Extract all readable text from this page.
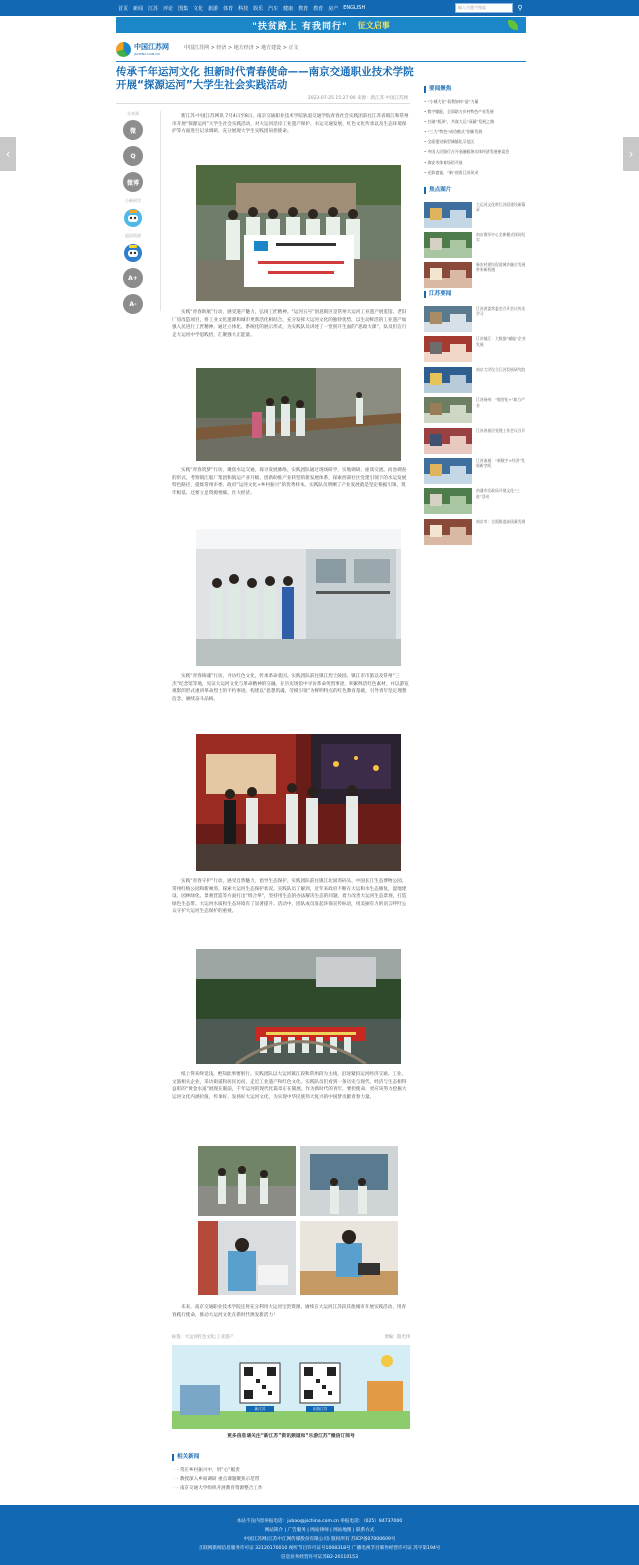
首页 新闻 江苏 评论 图集 文化 旅游 体育 科技 娱乐 汽车 健康 教育 教育 房产 ENGLISH	输入关键字搜索	⚲
"扶贫路上 有我同行" 征文启事
中国江苏网
JSCHINA.COM.CN
中国江苏网 > 经济 > 地方经济 > 地方建设 > 正文
‹	›
传承千年运河文化 担新时代青春使命——南京交通职业技术学院开展“探源运河”大学生社会实践活动
2023-07-25 15:27:00 来源：新江苏·中国江苏网
分享到
微
Q
微博
小新同学
返回顶部
A+
A-

新江苏·中国江苏网讯 7月4日至8日，南京交通职业技术学院轨道交通学院青春社会实践团前往江苏省镇江和常州市开展“探源运河”大学生社会实践活动，对大运河沿岸工业遗产保护、水运交通发展、红色文化传承以及生态环境保护等方面进行记录调研，充分展现大学生实践团肩担使命。

实践“青春助航”行动，感受遗产魅力，弘扬工匠精神。“运河五号”创意街区是常州大运河工业遗产展览馆、老旧厂房改造项目，将工业文化遗源和城市更新活化相结合，充分发挥大运河文化的独特优势，以生动鲜活的工业遗产加强人民进行工匠精神。通过立体化、系统化的展示形式，为实践队员讲述了一堂别开生面的“思政大课”，队员们在行走大运河中学思践悟，汇聚强大正能量。

实践“青春筑梦”行动，聚焦水运交通，探寻发展脉络。实践团队通过现场研学、实地调研、座谈交流、问卷调查的形式，考察镇江船厂集团和航运产业升级、创新助推产业转型的新发展体系，探索西部社区党建引领下的水运发展特色路径，提炼常州市委、政府“运河文化+乡村振兴”的优秀样本。实践队员明晰了产业发展就是坚定根据引领、筑牢根基、还要立足资源禀赋、壮大经济。

实践“青春铸魂”行动，寻访红色文化，传承革命基因。实践团队前往镇江烈士陵园、镇江市市旅以及常州“三杰”纪念馆等地，见证大运河文化与革命精神的交融。在历史场馆中寻访革命英烈事迹，积累鲜活红色素材，并以游览观影的形式重讲革命烈士的不朽事迹。构建以“思想筑魂，劳模引领”为鲜明特点的红色教育基础，引导青年坚定理想信念、赓续奋斗品格。

实践“青春守护”行动，感受自然魅力，倡导生态保护。实践团队前往镇江北固湾码头、中国长江生态博物公园、常州红梅公园和新闸湾。探索大运河生态保护状况。实践队员了解到，近年来政府不断在大运和水生态修复、湿地建设、园林绿化、景观营造等方面打出“组合拳”，坚持用生态的办法解决生态的问题，着力改善大运河生态景观，打造绿色生态带。大运河水质和生态环境有了显著提升。活动中，团队成员发起环保宣传标语，用美丽有力的语言呼吁公众守护大运河生态保护的重视。

纸上得来终觉浅，绝知此事要躬行。实践团队以大运河镇江段和常州段为主线，沿途紧扣运河经济交通、工业、文旅相关企业，采访街道和居民访问，走近工业遗产和红色文化。实践队员们看到一条历史与现代、经济与生态相得益彰的“黄金水道”展现在眼前，千年运河的现代化篇章正在铺展。作为新时代的青年，要担使命，更应该努力挖掘大运河文化内涵价值，传承好、发扬好大运河文化，为实现中华民族伟大复兴的中国梦贡献青春力量。

未来，南京交通职业技术学院还将充分利用大运河宝贵资源，赓续在大运河江苏段其他城市开展实践活动，用青春践行使命，推动大运河文化在新时代焕发新活力！

标签：大运河红色文化;工业遗产	责编：殷光伟
新江苏	乐游江苏
更多信息请关注“新江苏”资讯频道和“乐游江苏”微信订阅号
相关新闻
· · 常庄乡村振兴中，用“心”履责
· · 教授深入乡间调研 重点课题聚焦示范带
· · 南京交通大学组织开展教育资源整合工作
要闻聚焦
• “小城大业”看我如何“造”力量
• 数字赋能，全面助力乡村特色产业发展
• 打破“瓶颈”，共谋大运“双碳”发展之路
• “三大”特色“成功模式”创新发展
• 全面建设新型城镇化示范区
• 中国人民银行召开金融服务实体经济发展座谈会
• 海安市体育场馆开放
• 光影盛宴，“新”视角江苏风采
焦点图片
大运河文化带江苏段建设新篇章
南京海军中心全新模式探访纪实
新农村建设促进城乡融合发展带来新机遇
江苏要闻
江苏省委常委会召开会议传达学习
江苏镇江：大数据“赋能”企业发展
南京大学设立江苏发展研究院
江苏扬州：“数智化+”助力产业
江苏省基层党建工作会议召开
江苏南通：“新数字+经济”发展新空间
南通市民政局开展文化“三进”活动
南京市：全面推进高质量发展
本站不良内容举报电话：jubao@jschina.com.cn 举报电话：（025）84737000
网站简介 | 广告服务 | 网站律师 | 网站地图 | 联系方式
中国江苏网(江苏中江网传媒股份有限公司) 版权所有 苏ICP备07000609号
互联网新闻信息服务许可证 32120170010 视听节目许可证号1008318号 广播电视节目制作经营许可证 苏字第194号
信息业务经营许可证苏B2-20110153
